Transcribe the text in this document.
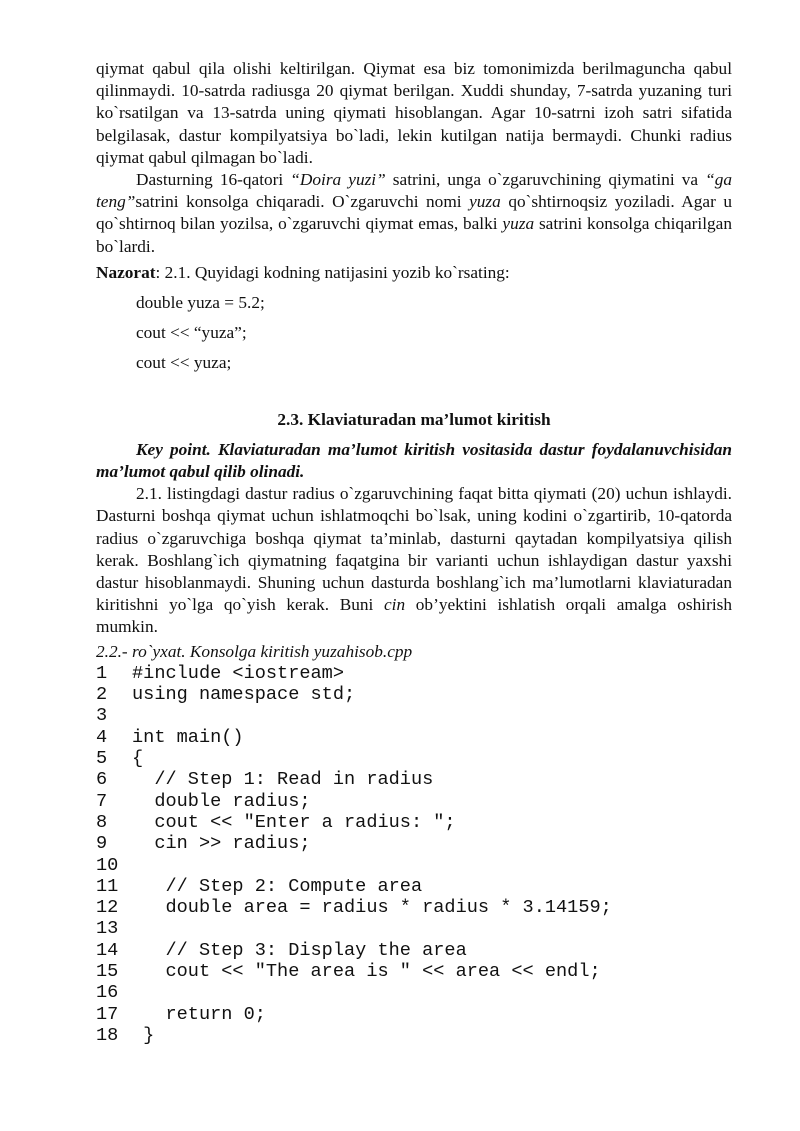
qiymat qabul qila olishi keltirilgan. Qiymat esa biz tomonimizda berilmaguncha qabul qilinmaydi. 10-satrda radiusga 20 qiymat berilgan. Xuddi shunday, 7-satrda yuzaning turi ko`rsatilgan va 13-satrda uning qiymati hisoblangan. Agar 10-satrni izoh satri sifatida belgilasak, dastur kompilyatsiya bo`ladi, lekin kutilgan natija bermaydi. Chunki radius qiymat qabul qilmagan bo`ladi.

Dasturning 16-qatori “Doira yuzi” satrini, unga o`zgaruvchining qiymatini va “ga teng”satrini konsolga chiqaradi. O`zgaruvchi nomi yuza qo`shtirnoqsiz yoziladi. Agar u qo`shtirnoq bilan yozilsa, o`zgaruvchi qiymat emas, balki yuza satrini konsolga chiqarilgan bo`lardi.

Nazorat: 2.1. Quyidagi kodning natijasini yozib ko`rsating:

double yuza = 5.2;

cout << “yuza”;

cout << yuza;

2.3. Klaviaturadan ma’lumot kiritish

Key point. Klaviaturadan ma’lumot kiritish vositasida dastur foydalanuvchisidan ma’lumot qabul qilib olinadi.

2.1. listingdagi dastur radius o`zgaruvchining faqat bitta qiymati (20) uchun ishlaydi. Dasturni boshqa qiymat uchun ishlatmoqchi bo`lsak, uning kodini o`zgartirib, 10-qatorda radius o`zgaruvchiga boshqa qiymat ta’minlab, dasturni qaytadan kompilyatsiya qilish kerak. Boshlang`ich qiymatning faqatgina bir varianti uchun ishlaydigan dastur yaxshi dastur hisoblanmaydi. Shuning uchun dasturda boshlang`ich ma’lumotlarni klaviaturadan kiritishni yo`lga qo`yish kerak. Buni cin ob’yektini ishlatish orqali amalga oshirish mumkin.

2.2.- ro`yxat. Konsolga kiritish yuzahisob.cpp

1	#include <iostream>
2	using namespace std;
3

4	int main()
5	{
6	// Step 1: Read in radius
7	double radius;
8	cout << "Enter a radius: ";
9	cin >> radius;
10

11 // Step 2: Compute area
12 double area = radius * radius * 3.14159;
13

14 // Step 3: Display the area
15 cout << "The area is " << area << endl;
16

17 return 0;
18 }
